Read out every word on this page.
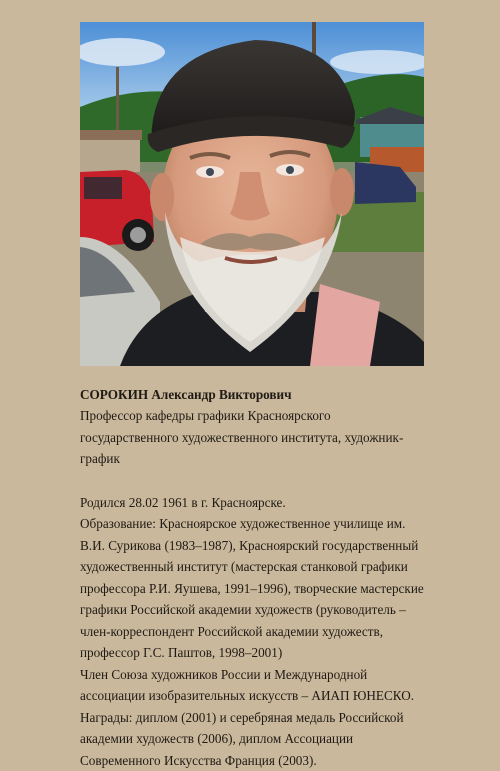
СОРОКИН Александр Викторович

Профессор кафедры графики Красноярского

государственного художественного института, художник-

график

Родился 28.02 1961 в г. Красноярске.

Образование: Красноярское художественное училище им.

В.И. Сурикова (1983–1987), Красноярский государственный

художественный институт (мастерская станковой графики

профессора Р.И. Яушева, 1991–1996), творческие мастерские

графики Российской академии художеств (руководитель –

член-корреспондент Российской академии художеств,

профессор Г.С. Паштов, 1998–2001)

Член Союза художников России и Международной

ассоциации изобразительных искусств – АИАП ЮНЕСКО.

Награды: диплом (2001) и серебряная медаль Российской

академии художеств (2006), диплом Ассоциации

Современного Искусства Франция (2003).
